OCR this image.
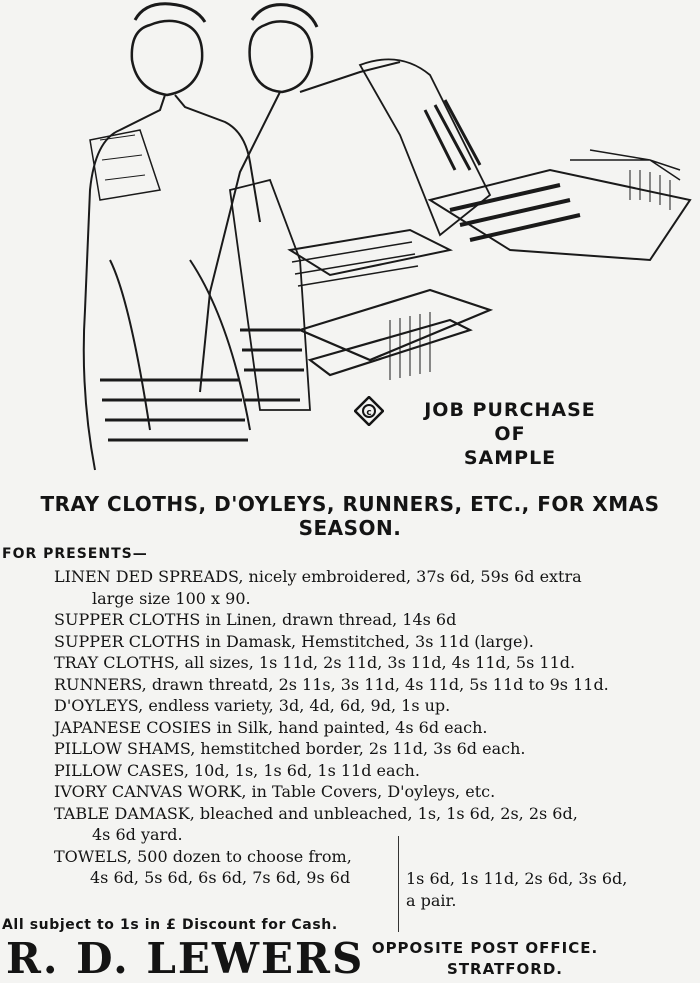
c	JOB PURCHASE
OF
SAMPLE
TRAY CLOTHS, D'OYLEYS, RUNNERS, ETC., FOR XMAS
SEASON.
FOR PRESENTS—
LINEN DED SPREADS, nicely embroidered, 37s 6d, 59s 6d extra
large size 100 x 90.
SUPPER CLOTHS in Linen, drawn thread, 14s 6d
SUPPER CLOTHS in Damask, Hemstitched, 3s 11d (large).
TRAY CLOTHS, all sizes, 1s 11d, 2s 11d, 3s 11d, 4s 11d, 5s 11d.
RUNNERS, drawn threatd, 2s 11s, 3s 11d, 4s 11d, 5s 11d to 9s 11d.
D'OYLEYS, endless variety, 3d, 4d, 6d, 9d, 1s up.
JAPANESE COSIES in Silk, hand painted, 4s 6d each.
PILLOW SHAMS, hemstitched border, 2s 11d, 3s 6d each.
PILLOW CASES, 10d, 1s, 1s 6d, 1s 11d each.
IVORY CANVAS WORK, in Table Covers, D'oyleys, etc.
TABLE DAMASK, bleached and unbleached, 1s, 1s 6d, 2s, 2s 6d,
4s 6d yard.
TOWELS, 500 dozen to choose from,
4s 6d, 5s 6d, 6s 6d, 7s 6d, 9s 6d	1s 6d, 1s 11d, 2s 6d, 3s 6d,
a pair.
All subject to 1s in £ Discount for Cash.
R. D. LEWERS OPPOSITE POST OFFICE.
STRATFORD.
